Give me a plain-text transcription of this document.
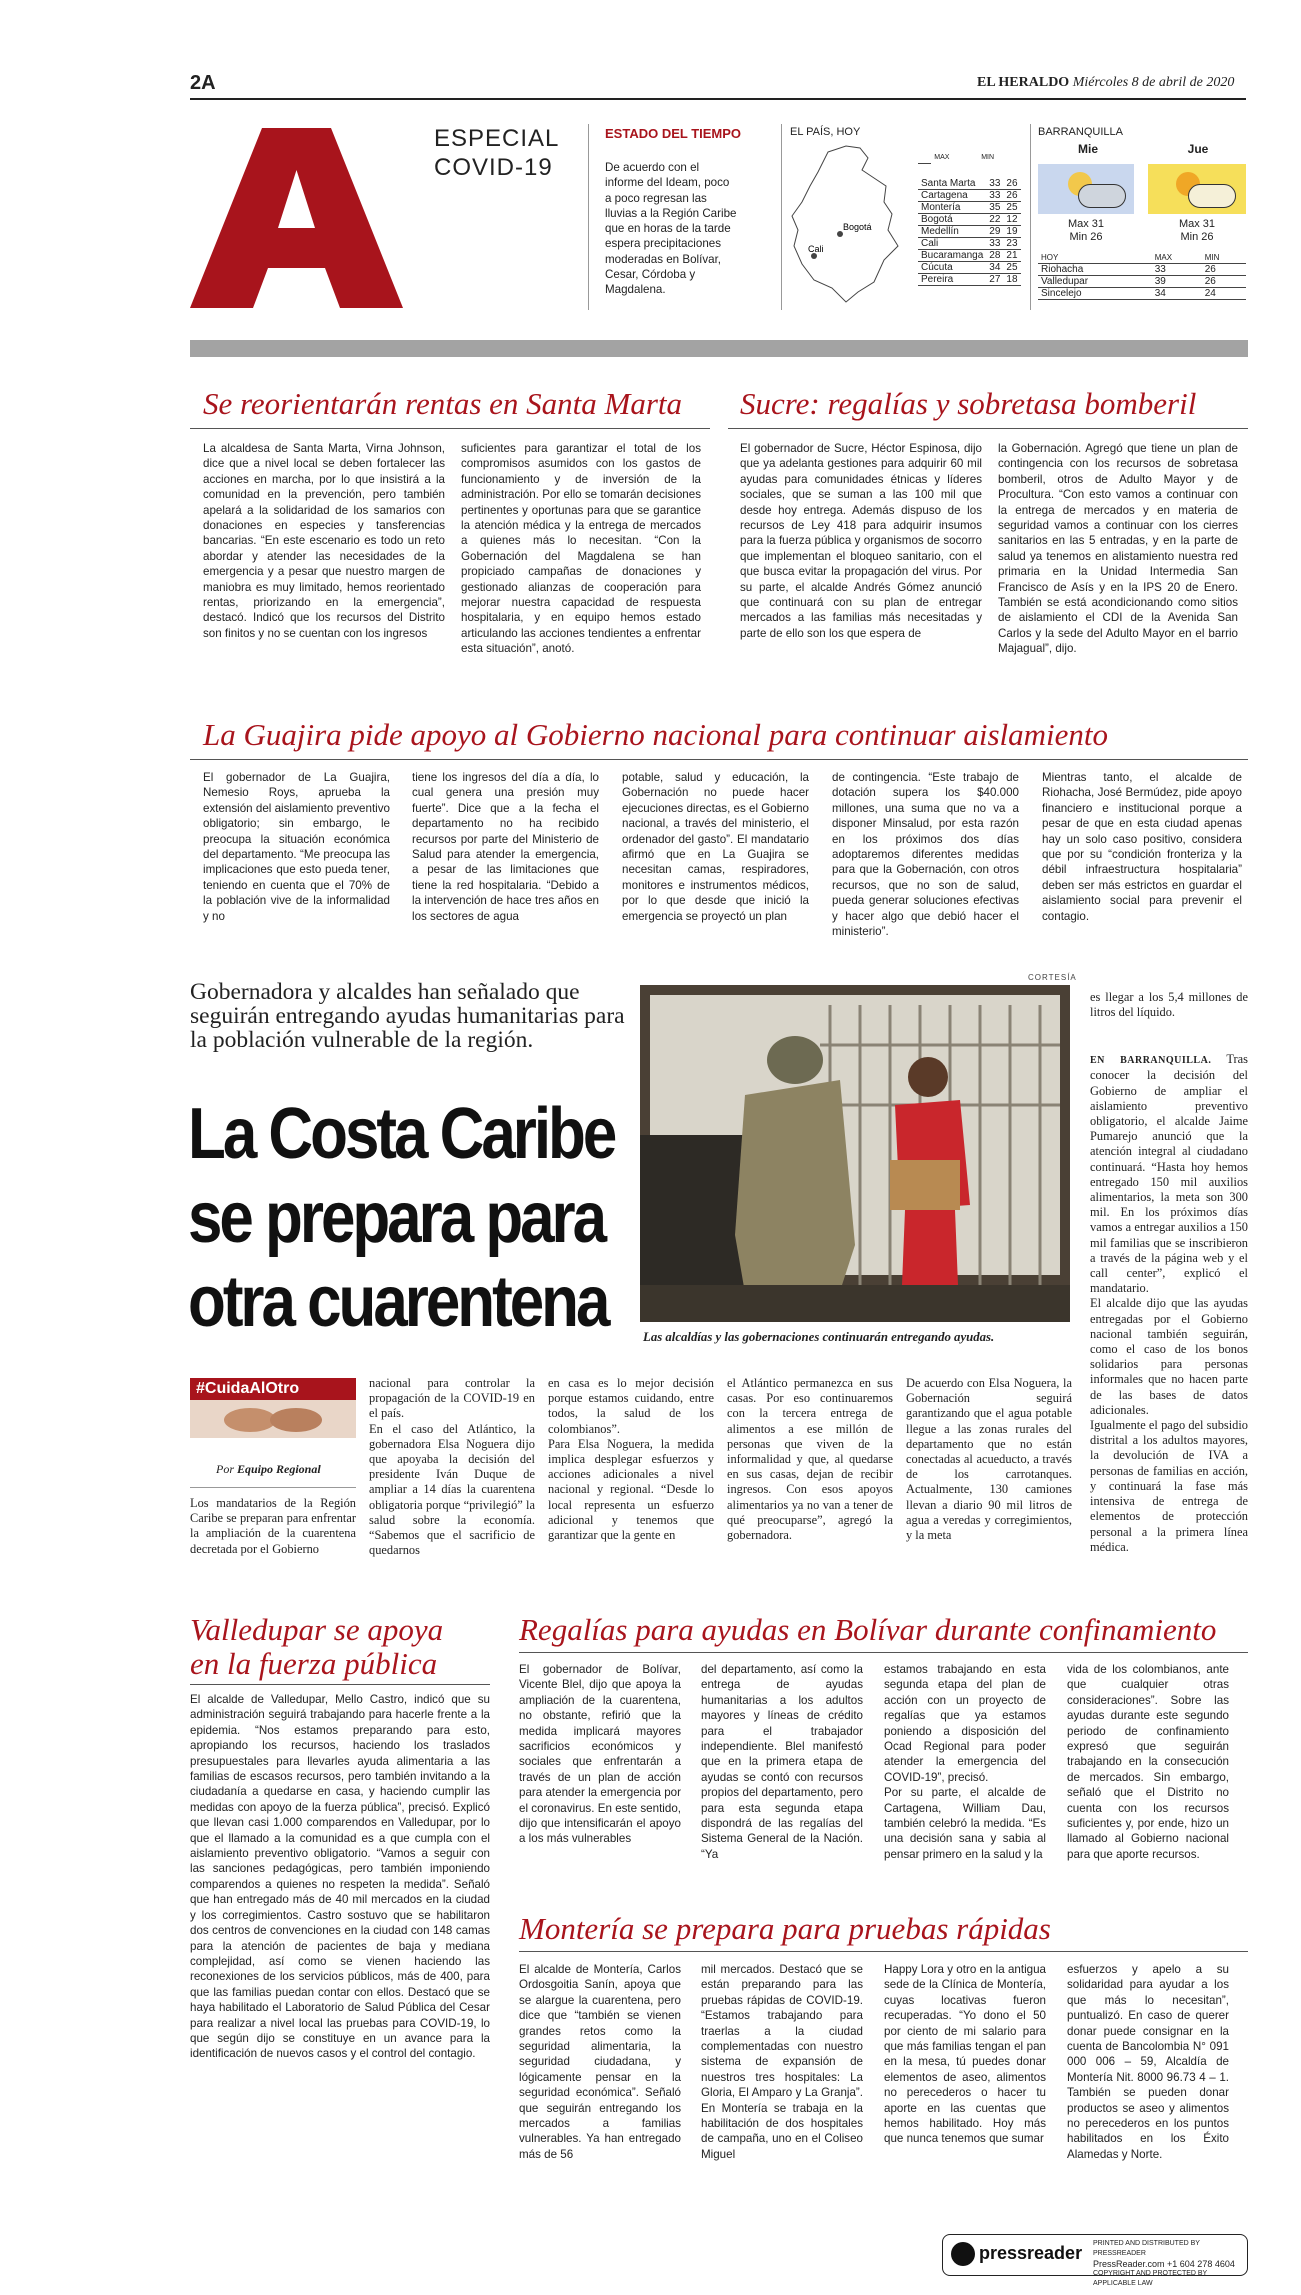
2A	EL HERALDO Miércoles 8 de abril de 2020
ESPECIAL
COVID-19
ESTADO DEL TIEMPO
De acuerdo con el informe del Ideam, poco a poco regresan las lluvias a la Región Caribe que en horas de la tarde espera precipitaciones moderadas en Bolívar, Cesar, Córdoba y Magdalena.
EL PAÍS, HOY
Bogotá
Cali
	MAX	MIN
Santa Marta	33	26
Cartagena	33	26
Montería	35	25
Bogotá	22	12
Medellín	29	19
Cali	33	23
Bucaramanga	28	21
Cúcuta	34	25
Pereira	27	18
BARRANQUILLA
Mie
Max 31
Min 26
Jue
Max 31
Min 26
HOY	MAX	MIN
Riohacha	33	26
Valledupar	39	26
Sincelejo	34	24
Se reorientarán rentas en Santa Marta

La alcaldesa de Santa Marta, Virna Johnson, dice que a nivel local se deben fortalecer las acciones en marcha, por lo que insistirá a la comunidad en la prevención, pero también apelará a la solidaridad de los samarios con donaciones en especies y tansferencias bancarias. “En este escenario es todo un reto abordar y atender las necesidades de la emergencia y a pesar que nuestro margen de maniobra es muy limitado, hemos reorientado rentas, priorizando en la emergencia”, destacó. Indicó que los recursos del Distrito son finitos y no se cuentan con los ingresos

suficientes para garantizar el total de los compromisos asumidos con los gastos de funcionamiento y de inversión de la administración. Por ello se tomarán decisiones pertinentes y oportunas para que se garantice la atención médica y la entrega de mercados a quienes más lo necesitan. “Con la Gobernación del Magdalena se han propiciado campañas de donaciones y gestionado alianzas de cooperación para mejorar nuestra capacidad de respuesta hospitalaria, y en equipo hemos estado articulando las acciones tendientes a enfrentar esta situación”, anotó.

Sucre: regalías y sobretasa bomberil

El gobernador de Sucre, Héctor Espinosa, dijo que ya adelanta gestiones para adquirir 60 mil ayudas para comunidades étnicas y líderes sociales, que se suman a las 100 mil que desde hoy entrega. Además dispuso de los recursos de Ley 418 para adquirir insumos para la fuerza pública y organismos de socorro que implementan el bloqueo sanitario, con el que busca evitar la propagación del virus. Por su parte, el alcalde Andrés Gómez anunció que continuará con su plan de entregar mercados a las familias más necesitadas y parte de ello son los que espera de

la Gobernación. Agregó que tiene un plan de contingencia con los recursos de sobretasa bomberil, otros de Adulto Mayor y de Procultura. “Con esto vamos a continuar con la entrega de mercados y en materia de seguridad vamos a continuar con los cierres sanitarios en las 5 entradas, y en la parte de salud ya tenemos en alistamiento nuestra red primaria en la Unidad Intermedia San Francisco de Asís y en la IPS 20 de Enero. También se está acondicionando como sitios de aislamiento el CDI de la Avenida San Carlos y la sede del Adulto Mayor en el barrio Majagual”, dijo.

La Guajira pide apoyo al Gobierno nacional para continuar aislamiento

El gobernador de La Guajira, Nemesio Roys, aprueba la extensión del aislamiento preventivo obligatorio; sin embargo, le preocupa la situación económica del departamento. “Me preocupa las implicaciones que esto pueda tener, teniendo en cuenta que el 70% de la población vive de la informalidad y no

tiene los ingresos del día a día, lo cual genera una presión muy fuerte”. Dice que a la fecha el departamento no ha recibido recursos por parte del Ministerio de Salud para atender la emergencia, a pesar de las limitaciones que tiene la red hospitalaria. “Debido a la intervención de hace tres años en los sectores de agua

potable, salud y educación, la Gobernación no puede hacer ejecuciones directas, es el Gobierno nacional, a través del ministerio, el ordenador del gasto”. El mandatario afirmó que en La Guajira se necesitan camas, respiradores, monitores e instrumentos médicos, por lo que desde que inició la emergencia se proyectó un plan

de contingencia. “Este trabajo de dotación supera los $40.000 millones, una suma que no va a disponer Minsalud, por esta razón en los próximos dos días adoptaremos diferentes medidas para que la Gobernación, con otros recursos, que no son de salud, pueda generar soluciones efectivas y hacer algo que debió hacer el ministerio”.

Mientras tanto, el alcalde de Riohacha, José Bermúdez, pide apoyo financiero e institucional porque a pesar de que en esta ciudad apenas hay un solo caso positivo, considera que por su “condición fronteriza y la débil infraestructura hospitalaria” deben ser más estrictos en guardar el aislamiento social para prevenir el contagio.

Gobernadora y alcaldes han señalado que seguirán entregando ayudas humanitarias para la población vulnerable de la región.
La Costa Caribe
se prepara para
otra cuarentena
CORTESÍA
Las alcaldías y las gobernaciones continuarán entregando ayudas.
#CuidaAlOtro
Por Equipo Regional

Los mandatarios de la Región Caribe se preparan para enfrentar la ampliación de la cuarentena decretada por el Gobierno

nacional para controlar la propagación de la COVID-19 en el país.
En el caso del Atlántico, la gobernadora Elsa Noguera dijo que apoyaba la decisión del presidente Iván Duque de ampliar a 14 días la cuarentena obligatoria porque “privilegió” la salud sobre la economía. “Sabemos que el sacrificio de quedarnos

en casa es lo mejor decisión porque estamos cuidando, entre todos, la salud de los colombianos”.
Para Elsa Noguera, la medida implica desplegar esfuerzos y acciones adicionales a nivel nacional y regional. “Desde lo local representa un esfuerzo adicional y tenemos que garantizar que la gente en

el Atlántico permanezca en sus casas. Por eso continuaremos con la tercera entrega de alimentos a ese millón de personas que viven de la informalidad y que, al quedarse en sus casas, dejan de recibir ingresos. Con esos apoyos alimentarios ya no van a tener de qué preocuparse”, agregó la gobernadora.

De acuerdo con Elsa Noguera, la Gobernación seguirá garantizando que el agua potable llegue a las zonas rurales del departamento que no están conectadas al acueducto, a través de los carrotanques. Actualmente, 130 camiones llevan a diario 90 mil litros de agua a veredas y corregimientos, y la meta

es llegar a los 5,4 millones de litros del líquido.

EN BARRANQUILLA. Tras conocer la decisión del Gobierno de ampliar el aislamiento preventivo obligatorio, el alcalde Jaime Pumarejo anunció que la atención integral al ciudadano continuará. “Hasta hoy hemos entregado 150 mil auxilios alimentarios, la meta son 300 mil. En los próximos días vamos a entregar auxilios a 150 mil familias que se inscribieron a través de la página web y el call center”, explicó el mandatario.
El alcalde dijo que las ayudas entregadas por el Gobierno nacional también seguirán, como el caso de los bonos solidarios para personas informales que no hacen parte de las bases de datos adicionales.
Igualmente el pago del subsidio distrital a los adultos mayores, la devolución de IVA a personas de familias en acción, y continuará la fase más intensiva de entrega de elementos de protección personal a la primera línea médica.

Valledupar se apoya
en la fuerza pública

El alcalde de Valledupar, Mello Castro, indicó que su administración seguirá trabajando para hacerle frente a la epidemia. “Nos estamos preparando para esto, apropiando los recursos, haciendo los traslados presupuestales para llevarles ayuda alimentaria a las familias de escasos recursos, pero también invitando a la ciudadanía a quedarse en casa, y haciendo cumplir las medidas con apoyo de la fuerza pública”, precisó. Explicó que llevan casi 1.000 comparendos en Valledupar, por lo que el llamado a la comunidad es a que cumpla con el aislamiento preventivo obligatorio. “Vamos a seguir con las sanciones pedagógicas, pero también imponiendo comparendos a quienes no respeten la medida”. Señaló que han entregado más de 40 mil mercados en la ciudad y los corregimientos. Castro sostuvo que se habilitaron dos centros de convenciones en la ciudad con 148 camas para la atención de pacientes de baja y mediana complejidad, así como se vienen haciendo las reconexiones de los servicios públicos, más de 400, para que las familias puedan contar con ellos. Destacó que se haya habilitado el Laboratorio de Salud Pública del Cesar para realizar a nivel local las pruebas para COVID-19, lo que según dijo se constituye en un avance para la identificación de nuevos casos y el control del contagio.

Regalías para ayudas en Bolívar durante confinamiento

El gobernador de Bolívar, Vicente Blel, dijo que apoya la ampliación de la cuarentena, no obstante, refirió que la medida implicará mayores sacrificios económicos y sociales que enfrentarán a través de un plan de acción para atender la emergencia por el coronavirus. En este sentido, dijo que intensificarán el apoyo a los más vulnerables

del departamento, así como la entrega de ayudas humanitarias a los adultos mayores y líneas de crédito para el trabajador independiente. Blel manifestó que en la primera etapa de ayudas se contó con recursos propios del departamento, pero para esta segunda etapa dispondrá de las regalías del Sistema General de la Nación. “Ya

estamos trabajando en esta segunda etapa del plan de acción con un proyecto de regalías que ya estamos poniendo a disposición del Ocad Regional para poder atender la emergencia del COVID-19”, precisó.
Por su parte, el alcalde de Cartagena, William Dau, también celebró la medida. “Es una decisión sana y sabia al pensar primero en la salud y la

vida de los colombianos, ante que cualquier otras consideraciones”. Sobre las ayudas durante este segundo periodo de confinamiento expresó que seguirán trabajando en la consecución de mercados. Sin embargo, señaló que el Distrito no cuenta con los recursos suficientes y, por ende, hizo un llamado al Gobierno nacional para que aporte recursos.

Montería se prepara para pruebas rápidas

El alcalde de Montería, Carlos Ordosgoitia Sanín, apoya que se alargue la cuarentena, pero dice que “también se vienen grandes retos como la seguridad alimentaria, la seguridad ciudadana, y lógicamente pensar en la seguridad económica”. Señaló que seguirán entregando los mercados a familias vulnerables. Ya han entregado más de 56

mil mercados. Destacó que se están preparando para las pruebas rápidas de COVID-19. “Estamos trabajando para traerlas a la ciudad complementadas con nuestro sistema de expansión de nuestros tres hospitales: La Gloria, El Amparo y La Granja”. En Montería se trabaja en la habilitación de dos hospitales de campaña, uno en el Coliseo Miguel

Happy Lora y otro en la antigua sede de la Clínica de Montería, cuyas locativas fueron recuperadas. “Yo dono el 50 por ciento de mi salario para que más familias tengan el pan en la mesa, tú puedes donar elementos de aseo, alimentos no perecederos o hacer tu aporte en las cuentas que hemos habilitado. Hoy más que nunca tenemos que sumar

esfuerzos y apelo a su solidaridad para ayudar a los que más lo necesitan”, puntualizó. En caso de querer donar puede consignar en la cuenta de Bancolombia N° 091 000 006 – 59, Alcaldía de Montería Nit. 8000 96.73 4 – 1. También se pueden donar productos se aseo y alimentos no perecederos en los puntos habilitados en los Éxito Alamedas y Norte.

pressreader PRINTED AND DISTRIBUTED BY PRESSREADER
PressReader.com +1 604 278 4604
COPYRIGHT AND PROTECTED BY APPLICABLE LAW
